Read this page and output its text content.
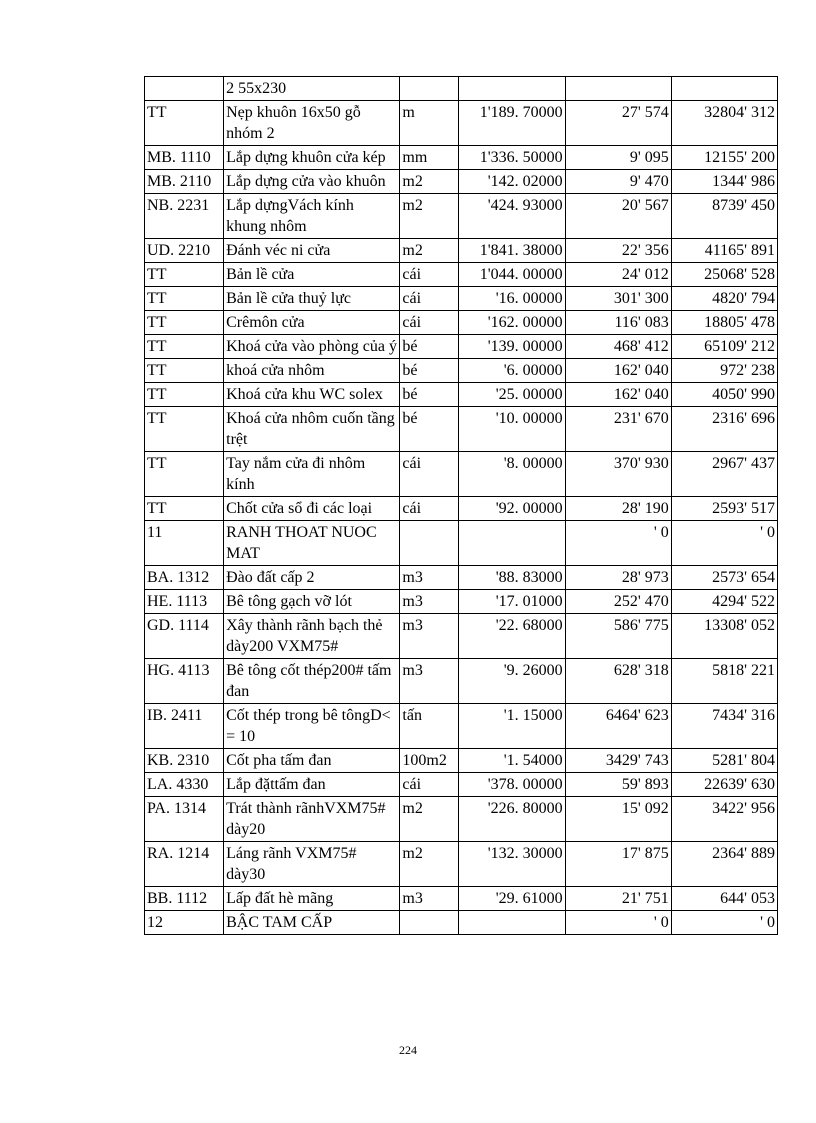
	2 55x230				
TT	Nẹp khuôn 16x50 gỗ nhóm 2	m	1'189. 70000	27' 574	32804' 312
MB. 1110	Lắp dựng khuôn cửa kép	mm	1'336. 50000	9' 095	12155' 200
MB. 2110	Lắp dựng cửa vào khuôn	m2	'142. 02000	9' 470	1344' 986
NB. 2231	Lắp dựngVách kính khung nhôm	m2	'424. 93000	20' 567	8739' 450
UD. 2210	Đánh véc ni cửa	m2	1'841. 38000	22' 356	41165' 891
TT	Bản lề cửa	cái	1'044. 00000	24' 012	25068' 528
TT	Bản lề cửa thuỷ lực	cái	'16. 00000	301' 300	4820' 794
TT	Crêmôn cửa	cái	'162. 00000	116' 083	18805' 478
TT	Khoá cửa vào phòng của ý	bé	'139. 00000	468' 412	65109' 212
TT	khoá cửa nhôm	bé	'6. 00000	162' 040	972' 238
TT	Khoá cửa khu WC solex	bé	'25. 00000	162' 040	4050' 990
TT	Khoá cửa nhôm cuốn tầng trệt	bé	'10. 00000	231' 670	2316' 696
TT	Tay nắm cửa đi nhôm kính	cái	'8. 00000	370' 930	2967' 437
TT	Chốt cửa sổ đi các loại	cái	'92. 00000	28' 190	2593' 517
11	RANH THOAT NUOC MAT			' 0	' 0
BA. 1312	Đào đất cấp 2	m3	'88. 83000	28' 973	2573' 654
HE. 1113	Bê tông gạch vỡ lót	m3	'17. 01000	252' 470	4294' 522
GD. 1114	Xây thành rãnh bạch thẻ dày200 VXM75#	m3	'22. 68000	586' 775	13308' 052
HG. 4113	Bê tông cốt thép200# tấm đan	m3	'9. 26000	628' 318	5818' 221
IB. 2411	Cốt thép trong bê tôngD< = 10	tấn	'1. 15000	6464' 623	7434' 316
KB. 2310	Cốt pha tấm đan	100m2	'1. 54000	3429' 743	5281' 804
LA. 4330	Lắp đặttấm đan	cái	'378. 00000	59' 893	22639' 630
PA. 1314	Trát thành rãnhVXM75# dày20	m2	'226. 80000	15' 092	3422' 956
RA. 1214	Láng rãnh VXM75# dày30	m2	'132. 30000	17' 875	2364' 889
BB. 1112	Lấp đất hè mãng	m3	'29. 61000	21' 751	644' 053
12	BẬC TAM CẤP			' 0	' 0
224
